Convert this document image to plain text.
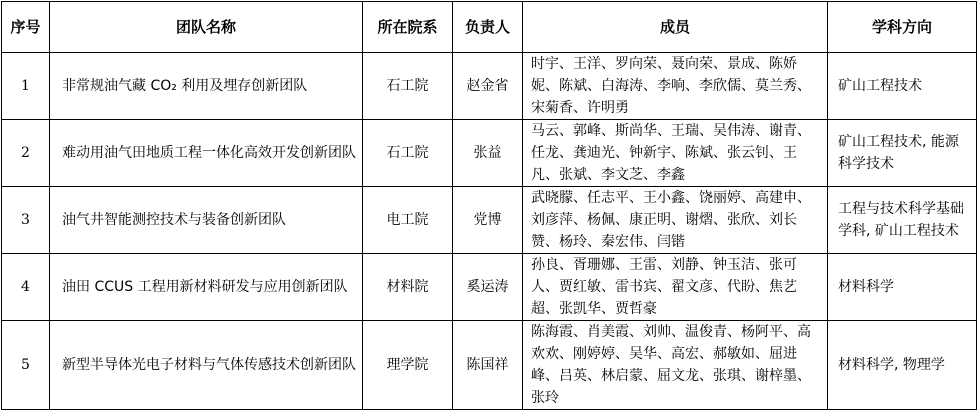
序号	团队名称	所在院系	负责人	成员	学科方向
1	非常规油气藏 CO₂ 利用及埋存创新团队	石工院	赵金省	时宇、王洋、罗向荣、聂向荣、景成、陈娇妮、陈斌、白海涛、李响、李欣儒、莫兰秀、宋菊香、许明勇	矿山工程技术
2	难动用油气田地质工程一体化高效开发创新团队	石工院	张益	马云、郭峰、斯尚华、王瑞、吴伟涛、谢青、任龙、龚迪光、钟新宇、陈斌、张云钊、王凡、张斌、李文芝、李鑫	矿山工程技术, 能源科学技术
3	油气井智能测控技术与装备创新团队	电工院	党博	武晓朦、任志平、王小鑫、饶丽婷、高建申、刘彦萍、杨佩、康正明、谢熠、张欣、刘长赞、杨玲、秦宏伟、闫锴	工程与技术科学基础学科, 矿山工程技术
4	油田 CCUS 工程用新材料研发与应用创新团队	材料院	奚运涛	孙良、胥珊娜、王雷、刘静、钟玉洁、张可人、贾红敏、雷书宾、翟文彦、代盼、焦艺超、张凯华、贾哲豪	材料科学
5	新型半导体光电子材料与气体传感技术创新团队	理学院	陈国祥	陈海霞、肖美霞、刘帅、温俊青、杨阿平、高欢欢、刚婷婷、吴华、高宏、郝敏如、屈进峰、吕英、林启蒙、屈文龙、张琪、谢梓墨、张玲	材料科学, 物理学
